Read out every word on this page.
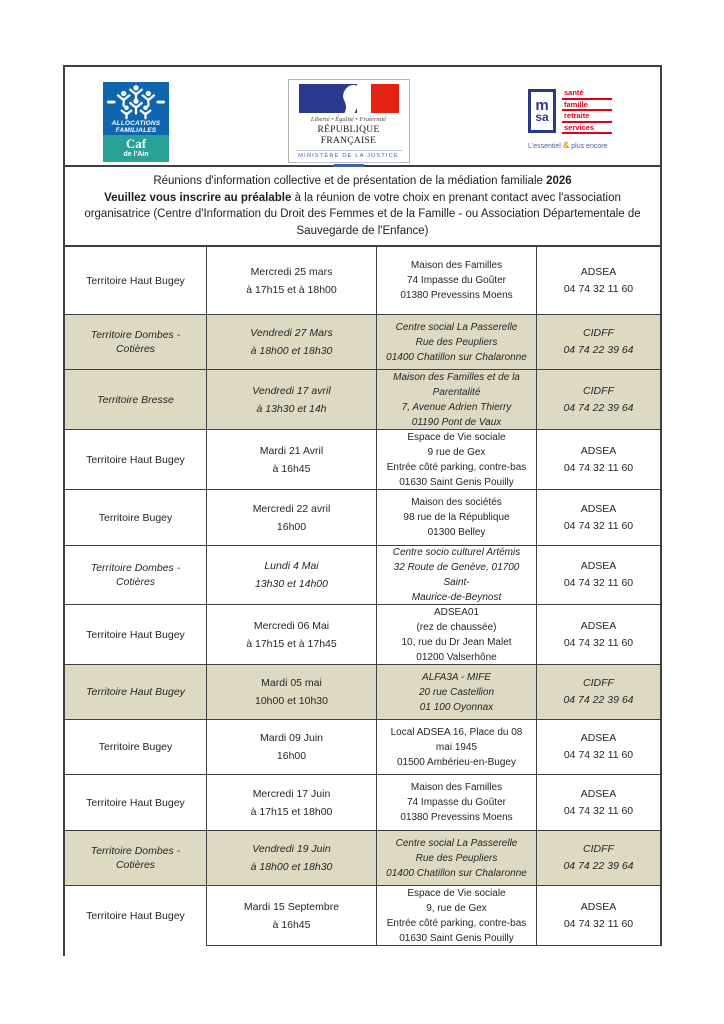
ALLOCATIONS
FAMILIALES
Caf
de l'Ain
Liberté • Égalité • Fraternité
RÉPUBLIQUE FRANÇAISE
MINISTÈRE DE LA JUSTICE
m
sa
santé
famille
retraite
services
L'essentiel & plus encore
Réunions d'information collective et de présentation de la médiation familiale 2026
Veuillez vous inscrire au préalable à la réunion de votre choix en prenant contact avec l'association organisatrice (Centre d'Information du Droit des Femmes et de la Famille - ou Association Départementale de Sauvegarde de l'Enfance)
Territoire Haut Bugey
Mercredi 25 mars
à 17h15 et à 18h00
Maison des Familles
74 Impasse du Goûter
01380 Prevessins Moens
ADSEA
04 74 32 11 60
Territoire Dombes - Cotières
Vendredi 27 Mars
à 18h00 et 18h30
Centre social La Passerelle
Rue des Peupliers
01400 Chatillon sur Chalaronne
CIDFF
04 74 22 39 64
Territoire Bresse
Vendredi 17 avril
à 13h30 et 14h
Maison des Familles et de la
Parentalité
7, Avenue Adrien Thierry
01190 Pont de Vaux
CIDFF
04 74 22 39 64
Territoire Haut Bugey
Mardi 21 Avril
à 16h45
Espace de Vie sociale
9 rue de Gex
Entrée côté parking, contre-bas
01630 Saint Genis Pouilly
ADSEA
04 74 32 11 60
Territoire Bugey
Mercredi 22 avril
16h00
Maison des sociétés
98 rue de la République
01300 Belley
ADSEA
04 74 32 11 60
Territoire Dombes - Cotières
Lundi 4 Mai
13h30 et 14h00
Centre socio culturel Artémis
32 Route de Genève, 01700 Saint-
Maurice-de-Beynost
ADSEA
04 74 32 11 60
Territoire Haut Bugey
Mercredi 06 Mai
à 17h15 et à 17h45
ADSEA01
(rez de chaussée)
10, rue du Dr Jean Malet
01200 Valserhône
ADSEA
04 74 32 11 60
Territoire Haut Bugey
Mardi 05 mai
10h00 et 10h30
ALFA3A - MIFE
20 rue Castellion
01 100 Oyonnax
CIDFF
04 74 22 39 64
Territoire Bugey
Mardi 09 Juin
16h00
Local ADSEA 16, Place du 08 mai 1945
01500 Ambérieu-en-Bugey
ADSEA
04 74 32 11 60
Territoire Haut Bugey
Mercredi 17 Juin
à 17h15 et 18h00
Maison des Familles
74 Impasse du Goûter
01380 Prevessins Moens
ADSEA
04 74 32 11 60
Territoire Dombes - Cotières
Vendredi 19 Juin
à 18h00 et 18h30
Centre social La Passerelle
Rue des Peupliers
01400 Chatillon sur Chalaronne
CIDFF
04 74 22 39 64
Territoire Haut Bugey
Mardi 15 Septembre
à 16h45
Espace de Vie sociale
9, rue de Gex
Entrée côté parking, contre-bas
01630 Saint Genis Pouilly
ADSEA
04 74 32 11 60
